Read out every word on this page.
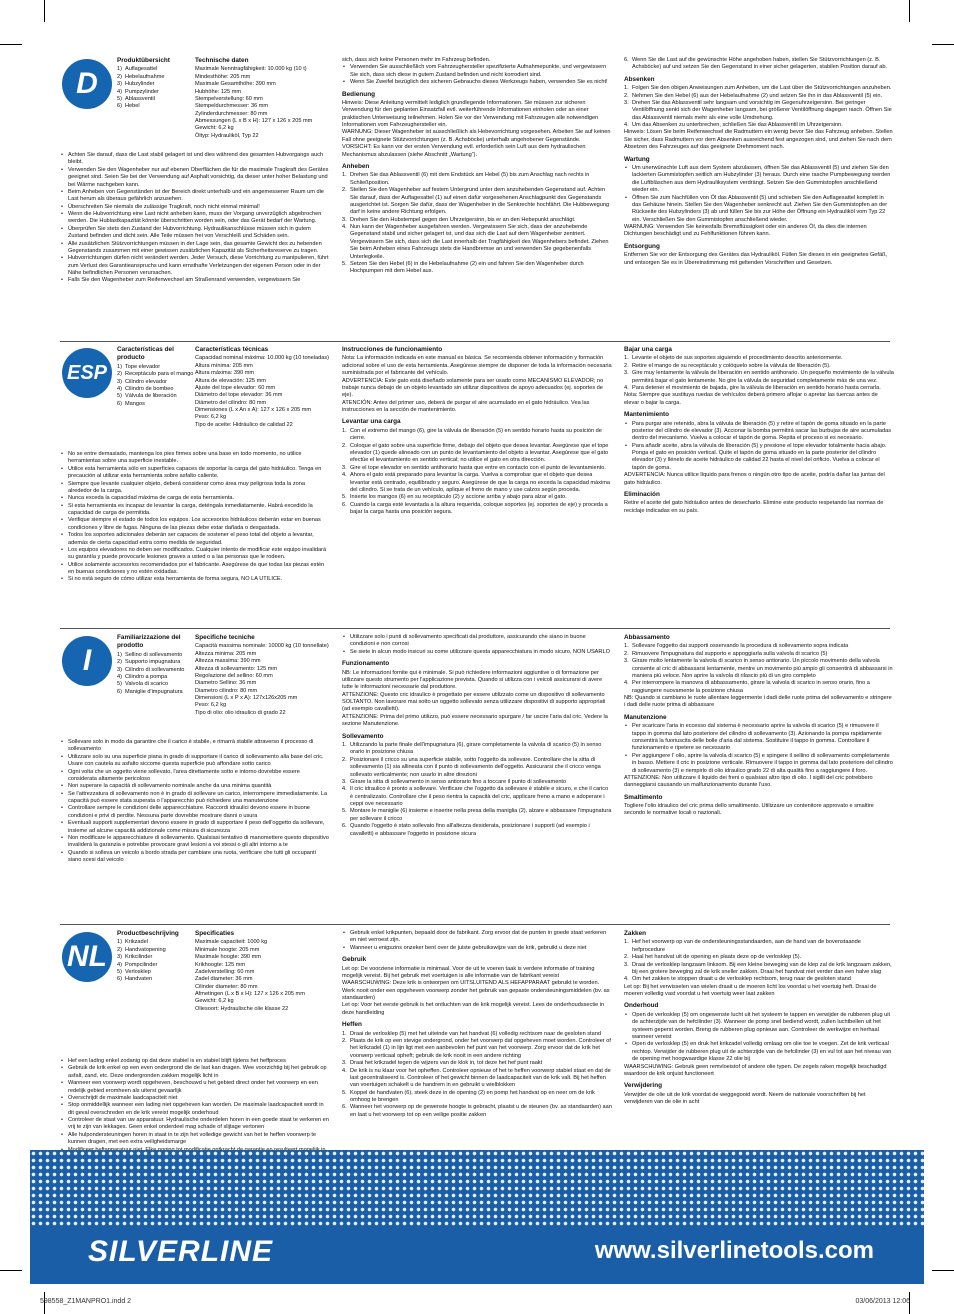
D
Produktübersicht
1) Auflagesattel
2) Hebelaufnahme
3) Hubzylinder
4) Pumpzylinder
5) Ablassventil
6) Hebel
Technische daten
Maximale Nenntragfähigkeit: 10.000 kg (10 t)
Mindesthöhe: 205 mm
Maximale Gesamthöhe: 390 mm
Hubhöhe: 125 mm
Stempelverstellung: 60 mm
Stempeldurchmesser: 36 mm
Zylinderdurchmesser: 80 mm
Abmessungen (L x B x H): 127 x 126 x 205 mm
Gewicht: 6,2 kg
Öltyp: Hydrauliköl, Typ 22
• Achten Sie darauf, dass die Last stabil gelagert ist und dies während des gesamten Hubvorgangs auch bleibt.
• Verwenden Sie den Wagenheber nur auf ebenen Oberflächen die für die maximale Tragkraft des Gerätes geeignet sind. Seien Sie bei der Verwendung auf Asphalt vorsichtig, da dieser unter hoher Belastung und bei Wärme nachgeben kann.
• Beim Anheben von Gegenständen ist der Bereich direkt unterhalb und ein angemessener Raum um die Last herum als überaus gefährlich anzusehen.
• Überschreiten Sie niemals die zulässige Tragkraft, noch nicht einmal minimal!
• Wenn die Hubvorrichtung eine Last nicht anheben kann, muss der Vorgang unverzüglich abgebrochen werden. Die Hublastkapazität könnte überschritten worden sein, oder das Gerät bedarf der Wartung.
• Überprüfen Sie stets den Zustand der Hubvorrichtung. Hydraulikanschlüsse müssen sich in gutem Zustand befinden und dicht sein. Alle Teile müssen frei von Verschleiß und Schäden sein.
• Alle zusätzlichen Stützvorrichtungen müssen in der Lage sein, das gesamte Gewicht des zu hebenden Gegenstands zusammen mit einer gewissen zusätzlichen Kapazität als Sicherheitsreserve zu tragen.
• Hubvorrichtungen dürfen nicht verändert werden. Jeder Versuch, diese Vorrichtung zu manipulieren, führt zum Verlust des Garantieanspruchs und kann ernsthafte Verletzungen der eigenen Person oder in der Nähe befindlichen Personen verursachen.
• Falls Sie den Wagenheber zum Reifenwechsel am Straßenrand verwenden, vergewissern Sie

sich, dass sich keine Personen mehr im Fahrzeug befinden.

• Verwenden Sie ausschließlich vom Fahrzeughersteller spezifizierte Aufnahmepunkte, und vergewissern Sie sich, dass sich diese in gutem Zustand befinden und nicht korrodiert sind.
• Wenn Sie Zweifel bezüglich des sicheren Gebrauchs dieses Werkzeugs haben, verwenden Sie es nicht!
Bedienung

Hinweis: Diese Anleitung vermittelt lediglich grundlegende Informationen. Sie müssen zur sicheren Verwendung für den geplanten Einsatzfall evtl. weiterführende Informationen einholen oder an einer praktischen Unterweisung teilnehmen. Holen Sie vor der Verwendung mit Fahrzeugen alle notwendigen Informationen vom Fahrzeughersteller ein.

WARNUNG: Dieser Wagenheber ist ausschließlich als Hebevorrichtung vorgesehen. Arbeiten Sie auf keinen Fall ohne geeignete Stützvorrichtungen (z. B. Achsböcke) unterhalb angehobener Gegenstände.

VORSICHT: Es kann vor der ersten Verwendung evtl. erforderlich sein Luft aus dem hydraulischen Mechanismus abzulassen (siehe Abschnitt „Wartung“).

Anheben
1. Drehen Sie das Ablassventil (6) mit dem Endstück am Hebel (5) bis zum Anschlag nach rechts in Schließposition.
2. Stellen Sie den Wagenheber auf festem Untergrund unter dem anzuhebenden Gegenstand auf. Achten Sie darauf, dass der Auflagesattel (1) auf einen dafür vorgesehenen Anschlagpunkt des Gegenstands ausgerichtet ist. Sorgen Sie dafür, dass der Wagenheber in die Senkrechte hochfährt. Die Hubbewegung darf in keine andere Richtung erfolgen.
3. Drehen Sie den Hubstempel gegen den Uhrzeigersinn, bis er an den Hebepunkt anschlägt.
4. Nun kann der Wagenheber ausgefahren werden. Vergewissern Sie sich, dass der anzuhebende Gegenstand stabil und sicher gelagert ist, und das sich die Last auf dem Wagenheber zentriert. Vergewissern Sie sich, dass sich die Last innerhalb der Tragfähigkeit des Wagenhebers befindet. Ziehen Sie beim Anheben eines Fahrzeugs stets die Handbremse an und verwenden Sie gegebenenfalls Unterlegkeile.
5. Setzen Sie den Hebel (6) in die Hebelaufnahme (2) ein und fahren Sie den Wagenheber durch Hochpumpen mit dem Hebel aus.
6. Wenn Sie die Last auf die gewünschte Höhe angehoben haben, stellen Sie Stützvorrichtungen (z. B. Achsböcke) auf und setzen Sie den Gegenstand in einer sicher gelagerten, stabilen Position darauf ab.
Absenken
1. Folgen Sie den obigen Anweisungen zum Anheben, um die Last über die Stützvorrichtungen anzuheben.
2. Nehmen Sie den Hebel (6) aus der Hebelaufnahme (2) und setzen Sie ihn in das Ablassventil (5) ein.
3. Drehen Sie das Ablassventil sehr langsam und vorsichtig im Gegenuhrzeigersinn. Bei geringer Ventilöffnung senkt sich der Wagenheber langsam, bei größerer Ventilöffnung dagegen rasch. Öffnen Sie das Ablassventil niemals mehr als eine volle Umdrehung.
4. Um das Absenken zu unterbrechen, schließen Sie das Ablassventil im Uhrzeigersinn.

Hinweis: Lösen Sie beim Reifenwechsel die Radmuttern ein wenig bevor Sie das Fahrzeug anheben. Stellen Sie sicher, dass Radmuttern vor dem Absenken ausreichend fest angezogen sind, und ziehen Sie nach dem Absetzen des Fahrzeuges auf das geeignete Drehmoment nach.

Wartung
• Um unerwünschte Luft aus dem System abzulassen, öffnen Sie das Ablassventil (5) und ziehen Sie den lackierten Gummistopfen seitlich am Hubzylinder (3) heraus. Durch eine rasche Pumpbewegung werden die Luftbläschen aus dem Hydrauliksystem verdrängt. Setzen Sie den Gummistopfen anschließend wieder ein.
• Öffnen Sie zum Nachfüllen von Öl das Ablassventil (5) und schieben Sie den Auflagesattel komplett in das Gehäuse hinein. Stellen Sie den Wagenheber senkrecht auf. Ziehen Sie den Gummistopfen an der Rückseite des Hubzylinders (3) ab und füllen Sie bis zur Höhe der Öffnung ein Hydrauliköl vom Typ 22 ein. Verschließen Sie den Gummistopfen anschließend wieder.

WARNUNG: Verwenden Sie keinesfalls Bremsflüssigkeit oder ein anderes Öl, da dies die internen Dichtungen beschädigt und zu Fehlfunktionen führen kann.

Entsorgung

Entfernen Sie vor der Entsorgung des Gerätes das Hydrauliköl. Füllen Sie dieses in ein geeignetes Gefäß, und entsorgen Sie es in Übereinstimmung mit geltenden Vorschriften und Gesetzen.

ESP
Características del producto
1) Tope elevador
2) Receptáculo para el mango
3) Cilindro elevador
4) Cilindro de bombeo
5) Válvula de liberación
6) Mangos
Características técnicas
Capacidad nominal máxima: 10.000 kg (10 toneladas)
Altura mínima: 205 mm
Altura máxima: 390 mm
Altura de elevación: 125 mm
Ajuste del tope elevador: 60 mm
Diámetro del tope elevador: 36 mm
Diámetro del cilindro: 80 mm
Dimensiones (L x An x A): 127 x 126 x 205 mm
Peso: 6,2 kg
Tipo de aceite: Hidráulico de calidad 22
• No se entre demasiado, mantenga los pies firmes sobre una base en todo momento, no utilice herramientas sobre una superficie inestable.
• Utilice esta herramienta sólo en superficies capaces de soportar la carga del gato hidráulico. Tenga en precaución al utilizar esta herramienta sobre asfalto caliente.
• Siempre que levante cualquier objeto, deberá considerar como área muy peligrosa toda la zona alrededor de la carga.
• Nunca exceda la capacidad máxima de carga de esta herramienta.
• Si esta herramienta es incapaz de levantar la carga, deténgala inmediatamente. Habrá excedido la capacidad de carga de permitida.
• Verifique siempre el estado de todos los equipos. Los accesorios hidráulicos deberán estar en buenas condiciones y libre de fugas. Ninguna de las piezas debe estar dañada o desgastada.
• Todos los soportes adicionales deberán ser capaces de sostener el peso total del objeto a levantar, además de cierta capacidad extra como medida de seguridad.
• Los equipos elevadores no deben ser modificados. Cualquier intento de modificar este equipo invalidará su garantía y puede provocarle lesiones graves a usted o a las personas que le rodeen.
• Utilice solamente accesorios recomendados por el fabricante. Asegúrese de que todas las piezas estén en buenas condiciones y no estén oxidadas.
• Si no está seguro de cómo utilizar esta herramienta de forma segura, NO LA UTILICE.
Instrucciones de funcionamiento

Nota: La información indicada en este manual es básica. Se recomienda obtener información y formación adicional sobre el uso de esta herramienta. Asegúrese siempre de disponer de toda la información necesaria suministrada por el fabricante del vehículo.

ADVERTENCIA: Este gato está diseñado solamente para ser usado como MECANISMO ELEVADOR; no trabaje nunca debajo de un objeto levantado sin utilizar dispositivos de apoyo adecuados (ej. soportes de eje).

ATENCIÓN: Antes del primer uso, deberá de purgar el aire acumulado en el gato hidráulico. Vea las instrucciones en la sección de mantenimiento.

Levantar una carga
1. Con el extremo del mango (6), gire la válvula de liberación (5) en sentido horario hasta su posición de cierre.
2. Coloque el gato sobre una superficie firme, debajo del objeto que desea levantar. Asegúrese que el tope elevador (1) quede alineado con un punto de levantamiento del objeto a levantar. Asegúrese que el gato efectúe el levantamiento en sentido vertical; no utilice el gato en otra dirección.
3. Gire el tope elevador en sentido antihorario hasta que entre en contacto con el punto de levantamiento.
4. Ahora el gato está preparado para levantar la carga. Vuelva a comprobar que el objeto que desea levantar está centrado, equilibrado y seguro. Asegúrese de que la carga no exceda la capacidad máxima del cilindro. Si se trata de un vehículo, aplique el freno de mano y use calzos según proceda.
5. Inserte los mangos (6) en su receptáculo (2) y accione arriba y abajo para alzar el gato.
6. Cuando la carga esté levantada a la altura requerida, coloque soportes (ej. soportes de eje) y proceda a bajar la carga hasta una posición segura.
Bajar una carga
1. Levante el objeto de sus soportes siguiendo el procedimiento descrito anteriormente.
2. Retire el mango de su receptáculo y colóquelo sobre la válvula de liberación (5).
3. Gire muy lentamente la válvula de liberación en sentido antihorario. Un pequeño movimiento de la válvula permitirá bajar el gato lentamente. No gire la válvula de seguridad completamente más de una vez.
4. Para detener el movimiento de bajada, gire la válvula de liberación en sentido horario hasta cerrarla.

Nota: Siempre que sustituya ruedas de vehículos deberá primero aflojar o apretar las tuercas antes de elevar o bajar la carga.

Mantenimiento
• Para purgar aire retenido, abra la válvula de liberación (5) y retire el tapón de goma situado en la parte posterior del cilindro de elevador (3). Accionar la bomba permitirá sacar las burbujas de aire acumuladas dentro del mecanismo. Vuelva a colocar el tapón de goma. Repita el proceso si es necesario.
• Para añadir aceite, abra la válvula de liberación (5) y presione el tope elevador totalmente hacia abajo. Ponga el gato en posición vertical. Quite el tapón de goma situado en la parte posterior del cilindro elevador (3) y llénelo de aceite hidráulico de calidad 22 hasta el nivel del orificio. Vuelva a colocar el tapón de goma.

ADVERTENCIA: Nunca utilice líquido para frenos o ningún otro tipo de aceite, podría dañar las juntas del gato hidráulico.

Eliminación

Retire el aceite del gato hidráulico antes de desecharlo. Elimine este producto respetando las normas de reciclaje indicadas en su país.

I
Familiarizzazione del prodotto
1) Sellino di sollevamento
2) Supporto impugnatura
3) Cilindro di sollevamento
4) Cilindro a pompa
5) Valvola di scarico
6) Maniglie d'impugnatura
Specifiche tecniche
Capacità massima nominale: 10000 kg (10 tonnellate)
Altezza minima: 205 mm
Altezza massima: 390 mm
Altezza di sollevamento: 125 mm
Regolazione del sellino: 60 mm
Diametro Sellino: 36 mm
Diametro cilindro: 80 mm
Dimensioni (L x P x A): 127x126x205 mm
Peso: 6,2 kg
Tipo di olio: olio idraulico di grado 22
• Sollevare solo in modo da garantire che il carico è stabile, e rimarrà stabile attraverso il processo di sollevamento
• Utilizzare solo su una superficie piana in grado di supportare il carico di sollevamento alla base del cric. Usare con cautela su asfalto siccome questa superficie può affondare sotto carico
• Ogni volta che un oggetto viene sollevato, l'area direttamente sotto e intorno dovrebbe essere considerata altamente pericoloso
• Non superare la capacità di sollevamento nominale anche da una minima quantità
• Se l'attrezzatura di sollevamento non è in grado di sollevare un carico, interrompere immediatamente. La capacità può essere stata superata o l'apparecchio può richiedere una manutenzione
• Controllare sempre le condizioni delle apparecchiature. Raccordi idraulici devono essere in buone condizioni e privi di perdite. Nessuna parte dovrebbe mostrare danni o usura
• Eventuali supporti supplementari devono essere in grado di supportare il peso dell'oggetto da sollevare, insieme ad alcune capacità addizionale come misura di sicurezza
• Non modificare le apparecchiature di sollevamento. Qualsiasi tentativo di manomettere questo dispositivo invaliderà la garanzia e potrebbe provocare gravi lesioni a voi stessi o gli altri intorno a te
• Quando si solleva un veicolo a bordo strada per cambiare una ruota, verificare che tutti gli occupanti siano scesi dal veicolo
• Utilizzare solo i punti di sollevamento specificati dal produttore, assicurando che siano in buone condizioni e non corrosi
• Se siete in alcun modo insicuri su come utilizzare questa apparecchiatura in modo sicuro, NON USARLO
Funzionamento

NB: Le informazioni fornite qui è minimale. Si può richiedere informazioni aggiuntive o di formazione per utilizzare questo strumento per l'applicazione prevista. Quando si utilizza con i veicoli assicurarsi di avere tutte le informazioni necessarie dal produttore.

ATTENZIONE: Questo cric idraulico è progettato per essere utilizzato come un dispositivo di sollevamento SOLTANTO. Non lavorare mai sotto un oggetto sollevato senza utilizzare dispositivi di supporto appropriati (ad esempio cavalletti).

ATTENZIONE: Prima del primo utilizzo, può essere necessario spurgare / far uscire l'aria dal cric. Vedere la sezione Manutenzione.

Sollevamento
1. Utilizzando la parte finale dell'impugnatura (6), girare completamente la valvola di scarico (5) in senso orario in posizione chiusa
2. Posizionare il cricco su una superficie stabile, sotto l'oggetto da sollevare. Controllare che la sitta di sollevamento (1) sia allineata con il punto di sollevamento dell'oggetto. Assicurarsi che il cricco venga sollevato verticalmente; non usarlo in altre direzioni
3. Girare la sitta di sollevamento in senso antiorario fino a toccare il punto di sollevamento
4. Il cric idraulico è pronto a sollevare. Verificare che l'oggetto da sollevare è stabile e sicuro, e che il carico è centralizzato. Controllare che il peso rientra la capacità del cric, applicare freno a mano e adoperare i ceppi ove necessario
5. Montare le maniglie (6) insieme e inserire nella presa della maniglia (2), alzare e abbassare l'impugnatura per sollevare il cricco
6. Quando l'oggetto è stato sollevato fino all'altezza desiderata, posizionare i supporti (ad esempio i cavalletti) e abbassare l'oggetto in posizione sicura
Abbassamento
1. Sollevare l'oggetto dai supporti osservando la procedura di sollevamento sopra indicata
2. Rimuovere l'impugnatura dal supporto e appoggiarla sulla valvola di scarico (5)
3. Girare molto lentamente la valvola di scarico in senso antiorario. Un piccolo movimento della valvola consente al cric di abbassarsi lentamente, mentre un movimento più ampio gli consentirà di abbassarsi in maniera più veloce. Non aprire la valvola di rilascio più di un giro completo
4. Per interrompere la manovra di abbassamento, girare la valvola di scarico in senso orario, fino a raggiungere nuovamente la posizione chiusa

NB: Quando si cambiano le ruote allentare leggermente i dadi delle ruote prima del sollevamento e stringere i dadi delle ruote prima di abbassare

Manutenzione
• Per scaricare l'aria in eccesso dal sistema è necessario aprire la valvola di scarico (5) e rimuovere il tappo in gomma dal lato posteriore del cilindro di sollevamento (3). Azionando la pompa rapidamente consentirà la fuoriuscita delle bolle d'aria dal sistema. Sostituire il tappo in gomma. Controllare il funzionamento e ripetere se necessario
• Per aggiungere l' olio, aprire la valvola di scarico (5) e spingere il sellino di sollevamento completamente in basso. Mettere il cric in posizione verticale. Rimuovere il tappo in gomma dal lato posteriore del cilindro di sollevamento (3) e riempirlo di olio idraulico grado 22 di alta qualità fino a raggiungere il foro.

ATTENZIONE: Non utilizzare il liquido dei freni o qualsiasi altro tipo di olio. I sigilli del cric potrebbero danneggiarsi causando un malfunzionamento durante l'uso.

Smaltimento

Togliere l'olio idraulico del cric prima dello smaltimento. Utilizzare un contenitore approvato e smaltire secondo le normative locali o nazionali.

NL
Productbeschrijving
1) Krikzadel
2) Handvatopening
3) Krikcilinder
4) Pompcilinder
5) Verlosklep
6) Handvaten
Specificaties
Maximale capaciteit: 1000 kg
Minimale hoogte: 205 mm
Maximale hoogte: 390 mm
Krikhoogte: 125 mm
Zadelverstelling: 60 mm
Zadel diameter: 36 mm
Cilinder diameter: 80 mm
Afmetingen (L x B x H): 127 x 126 x 205 mm
Gewicht: 6,2 kg
Oliesoort: Hydraulische olie klasse 22
• Hef een lading enkel zodanig op dat deze stabiel is en stabiel blijft tijdens het heffproces
• Gebruik de krik enkel op een even ondergrond die de last kan dragen. Wee voorzichtig bij het gebruik op asfalt, zand, etc. Deze ondergronden zakken mogelijk licht in
• Wanneer een voorwerp wordt opgeheven, beschouwd u het gebied direct onder het voorwerp en een redelijk gebied eromheen als uiterst gevaarlijk
• Overschrijdt de maximale laadcapaciteit niet
• Stop onmiddellijk wanneer een lading niet opgeheven kan worden. De maximale laadcapaciteit wordt in dit geval overschreden en de krik vereist mogelijk onderhoud
• Controleer de staat van uw apparatuur. Hydraulische onderdelen horen in een goede staat te verkeren en vrij te zijn van lekkages. Geen enkel onderdeel mag schade of slijtage vertonen
• Alle hulpondersteuningen horen in staat in te zijn het volledige gewicht van het te heffen voorwerp te kunnen dragen, met een extra veiligheidsmarge
•
•
• Gebruik enkel krikpunten, bepaald door de fabrikant. Zorg ervoor dat de punten in goede staat verkeren en niet verroest zijn.
• Wanneer u enigszins onzeker bent over de juiste gebruikswijze van de krik, gebruikt u deze niet
Gebruik

Let op: De voorziene informatie is minimaal. Voor de uit te voeren taak is verdere informatie of training mogelijk vereist. Bij het gebruik met voertuigen is alle informatie van de fabrikant vereist

WAARSCHUWING: Deze krik is ontworpen om UITSLUITEND ALS HEFAPPARAAT gebruikt te worden. Werk nooit onder een opgeheven voorwerp zonder het gebruik van gepaste ondersteuningsmiddelen (bv. as standaarden)

Let op: Voor het eerste gebruik is het ontluchten van de krik mogelijk vereist. Lees de onderhoudssectie in deze handleiding

Heffen
1. Draai de verlosklep (5) met het uiteinde van het handvat (6) volledig rechtsom naar de gesloten stand
2. Plaats de krik op een stevige ondergrond, onder het voorwerp dat opgeheven moet worden. Controleer of het krikzadel (1) in lijn ligt met een aanbevolen hef punt van het voorwerp. Zorg ervoor dat de krik het voorwerp verticaal opheft; gebruik de krik nooit in een andere richting
3. Draai het krikzadel tegen de wijzers van de klok in, tot deze het hef punt raakt
4. De krik is nu klaar voor het opheffen. Controleer opnieuw of het te heffen voorwerp stabiel staat en dat de last gecentraliseerd is. Controleer of het gewicht binnen de laadcapaciteit van de krik valt. Bij het heffen van voertuigen schakelt u de handrem in en gebruikt u wielblokken
5. Koppel de handvaten (6), steek deze in de opening (2) en pomp het handvat op en neer om de krik omhoog te brengen
6. Wanneer het voorwerp op de gewenste hoogte is gebracht, plaatst u de steunen (bv. as standaarden) aan en laat u het voorwerp tot op een veilige positie zakken
Zakken
1. Hef het voorwerp op van de ondersteuningsstandaarden, aan de hand van de bovenstaande hefprocedure
2. Haal het handvat uit de opening en plaats deze op de verlosklep (5).
3. Draai de verlosklep langzaam linksom. Bij een kleine beweging van de klep zal de krik langzaam zakken, bij een grotere beweging zal de krik sneller zakken. Draai het handvat niet verder dan een halve slag
4. Om het zakken te stoppen draait u de verlosklep rechtsom, terug naar de gesloten stand

Let op: Bij het verwisselen van wielen draait u de moeren licht los voordat u het voertuig heft. Draai de moeren volledig vast voordat u het voertuig weer laat zakken

Onderhoud
• Open de verlosklep (5) om ongewenste lucht uit het systeem te tappen en verwijder de rubberen plug uit de achterzijde van de hefcilinder (3). Wanneer de pomp snel bediend wordt, zullen luchtbellen uit het systeem geperst worden. Breng de rubberen plug opnieuw aan. Controleer de werkwijze en herhaal wanneer vereist
• Open de verlosklep (5) en druk het krikzadel volledig omlaag om olie toe te voegen. Zet de krik verticaal rechtop. Verwijder de rubberen plug uit de achterzijde van de hefcilinder (3) en vul tot aan het niveau van de opening met hoogwaardige klasse 22 olie bij

WAARSCHUWING: Gebruik geen remvloeistof of andere olie typen. De zegels raken mogelijk beschadigd waardoor de krik onjuist functioneert

Verwijdering

Verwijder de olie uit de krik voordat de weggegooid wordt. Neem de nationale voorschriften bij het verwijderen van de olie in acht

SILVERLINE	www.silverlinetools.com
598558_Z1MANPRO1.indd 2	03/06/2013 12:06
